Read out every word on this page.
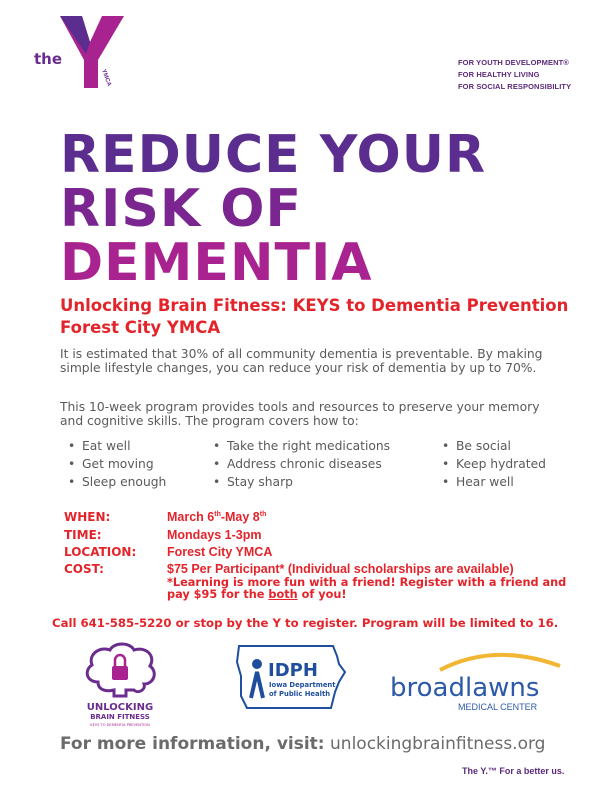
the
YMCA
FOR YOUTH DEVELOPMENT®
FOR HEALTHY LIVING
FOR SOCIAL RESPONSIBILITY
REDUCE YOUR
RISK OF
DEMENTIA
Unlocking Brain Fitness: KEYS to Dementia Prevention
Forest City YMCA
It is estimated that 30% of all community dementia is preventable. By making simple lifestyle changes, you can reduce your risk of dementia by up to 70%.
This 10-week program provides tools and resources to preserve your memory and cognitive skills. The program covers how to:
• Eat well
• Get moving
• Sleep enough
• Take the right medications
• Address chronic diseases
• Stay sharp
• Be social
• Keep hydrated
• Hear well
WHEN:	March 6th-May 8th
TIME:	Mondays 1-3pm
LOCATION: Forest City YMCA
COST:	$75 Per Participant* (Individual scholarships are available)
*Learning is more fun with a friend! Register with a friend and pay $95 for the both of you!
Call 641-585-5220 or stop by the Y to register. Program will be limited to 16.
UNLOCKING
BRAIN FITNESS
KEYS TO DEMENTIA PREVENTION
IDPH
Iowa Department
of Public Health broadlawns
MEDICAL CENTER
For more information, visit: unlockingbrainfitness.org
The Y.™ For a better us.
